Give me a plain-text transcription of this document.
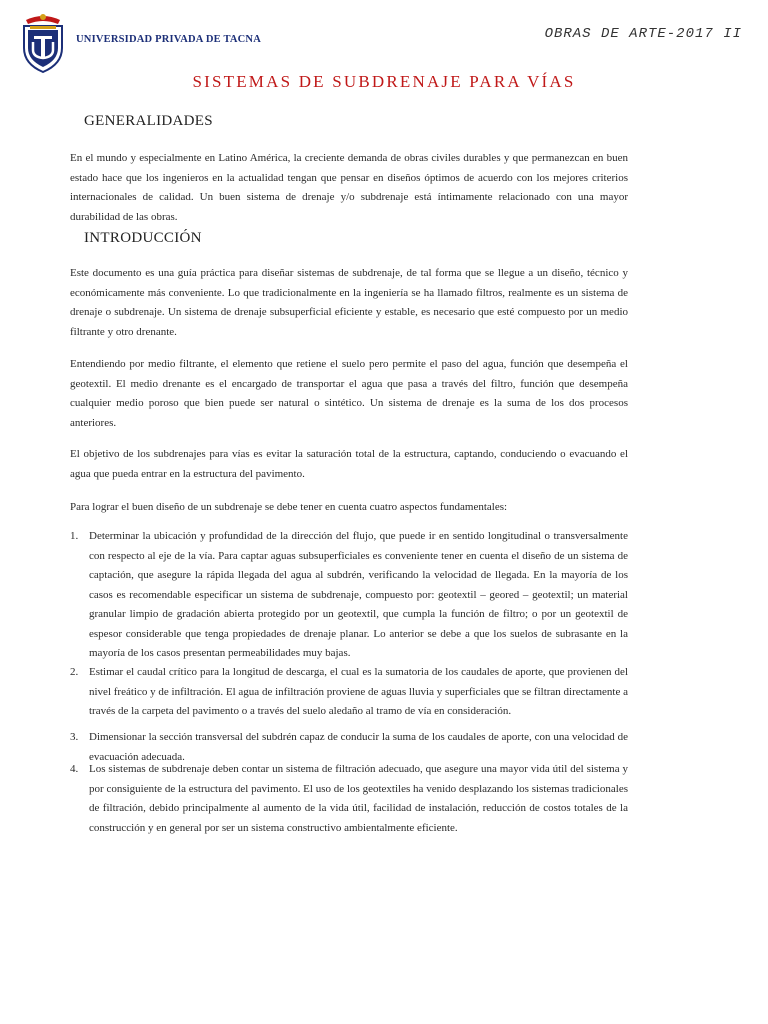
UNIVERSIDAD PRIVADA DE TACNA	OBRAS DE ARTE-2017 II
SISTEMAS DE SUBDRENAJE PARA VÍAS
GENERALIDADES

En el mundo y especialmente en Latino América, la creciente demanda de obras civiles durables y que permanezcan en buen estado hace que los ingenieros en la actualidad tengan que pensar en diseños óptimos de acuerdo con los mejores criterios internacionales de calidad. Un buen sistema de drenaje y/o subdrenaje está íntimamente relacionado con una mayor durabilidad de las obras.

INTRODUCCIÓN

Este documento es una guía práctica para diseñar sistemas de subdrenaje, de tal forma que se llegue a un diseño, técnico y económicamente más conveniente. Lo que tradicionalmente en la ingeniería se ha llamado filtros, realmente es un sistema de drenaje o subdrenaje. Un sistema de drenaje subsuperficial eficiente y estable, es necesario que esté compuesto por un medio filtrante y otro drenante.

Entendiendo por medio filtrante, el elemento que retiene el suelo pero permite el paso del agua, función que desempeña el geotextil. El medio drenante es el encargado de transportar el agua que pasa a través del filtro, función que desempeña cualquier medio poroso que bien puede ser natural o sintético. Un sistema de drenaje es la suma de los dos procesos anteriores.

El objetivo de los subdrenajes para vías es evitar la saturación total de la estructura, captando, conduciendo o evacuando el agua que pueda entrar en la estructura del pavimento.

Para lograr el buen diseño de un subdrenaje se debe tener en cuenta cuatro aspectos fundamentales:

1. Determinar la ubicación y profundidad de la dirección del flujo, que puede ir en sentido longitudinal o transversalmente con respecto al eje de la vía. Para captar aguas subsuperficiales es conveniente tener en cuenta el diseño de un sistema de captación, que asegure la rápida llegada del agua al subdrén, verificando la velocidad de llegada. En la mayoría de los casos es recomendable especificar un sistema de subdrenaje, compuesto por: geotextil – geored – geotextil; un material granular limpio de gradación abierta protegido por un geotextil, que cumpla la función de filtro; o por un geotextil de espesor considerable que tenga propiedades de drenaje planar. Lo anterior se debe a que los suelos de subrasante en la mayoría de los casos presentan permeabilidades muy bajas.

2. Estimar el caudal crítico para la longitud de descarga, el cual es la sumatoria de los caudales de aporte, que provienen del nivel freático y de infiltración. El agua de infiltración proviene de aguas lluvia y superficiales que se filtran directamente a través de la carpeta del pavimento o a través del suelo aledaño al tramo de vía en consideración.

3. Dimensionar la sección transversal del subdrén capaz de conducir la suma de los caudales de aporte, con una velocidad de evacuación adecuada.

4. Los sistemas de subdrenaje deben contar un sistema de filtración adecuado, que asegure una mayor vida útil del sistema y por consiguiente de la estructura del pavimento. El uso de los geotextiles ha venido desplazando los sistemas tradicionales de filtración, debido principalmente al aumento de la vida útil, facilidad de instalación, reducción de costos totales de la construcción y en general por ser un sistema constructivo ambientalmente eficiente.
